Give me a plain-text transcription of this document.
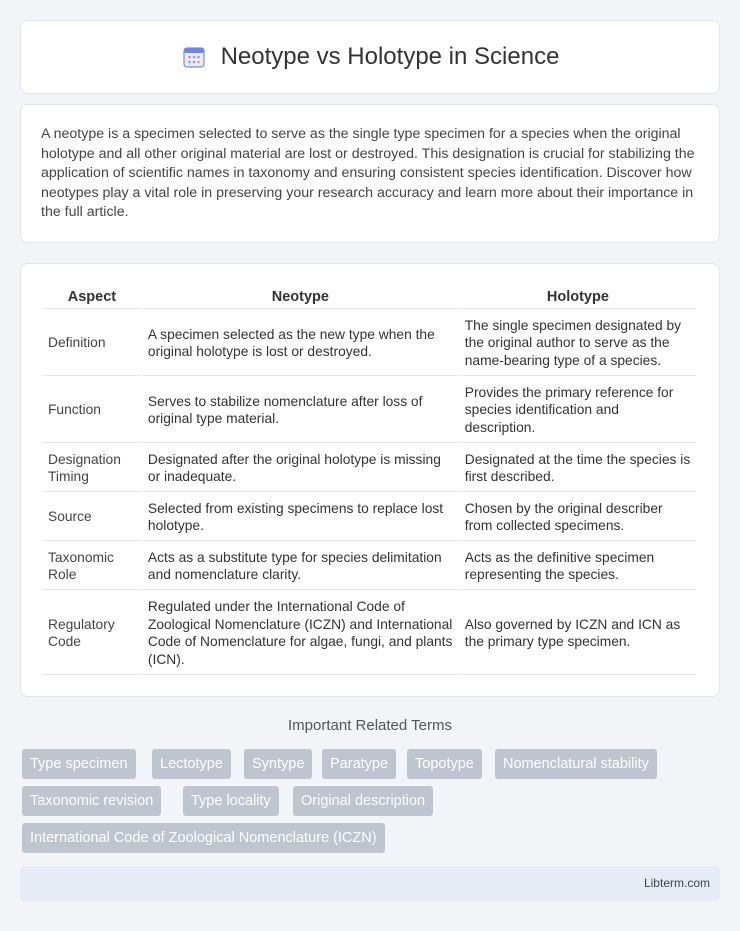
Neotype vs Holotype in Science

A neotype is a specimen selected to serve as the single type specimen for a species when the original holotype and all other original material are lost or destroyed. This designation is crucial for stabilizing the application of scientific names in taxonomy and ensuring consistent species identification. Discover how neotypes play a vital role in preserving your research accuracy and learn more about their importance in the full article.

Aspect	Neotype	Holotype
Definition	A specimen selected as the new type when the original holotype is lost or destroyed.	The single specimen designated by the original author to serve as the name-bearing type of a species.
Function	Serves to stabilize nomenclature after loss of original type material.	Provides the primary reference for species identification and description.
Designation Timing	Designated after the original holotype is missing or inadequate.	Designated at the time the species is first described.
Source	Selected from existing specimens to replace lost holotype.	Chosen by the original describer from collected specimens.
Taxonomic Role	Acts as a substitute type for species delimitation and nomenclature clarity.	Acts as the definitive specimen representing the species.
Regulatory Code	Regulated under the International Code of Zoological Nomenclature (ICZN) and International Code of Nomenclature for algae, fungi, and plants (ICN).	Also governed by ICZN and ICN as the primary type specimen.
Important Related Terms
Type specimen	Lectotype	Syntype	Paratype	Topotype	Nomenclatural stability
Taxonomic revision	Type locality	Original description
International Code of Zoological Nomenclature (ICZN)
Libterm.com
